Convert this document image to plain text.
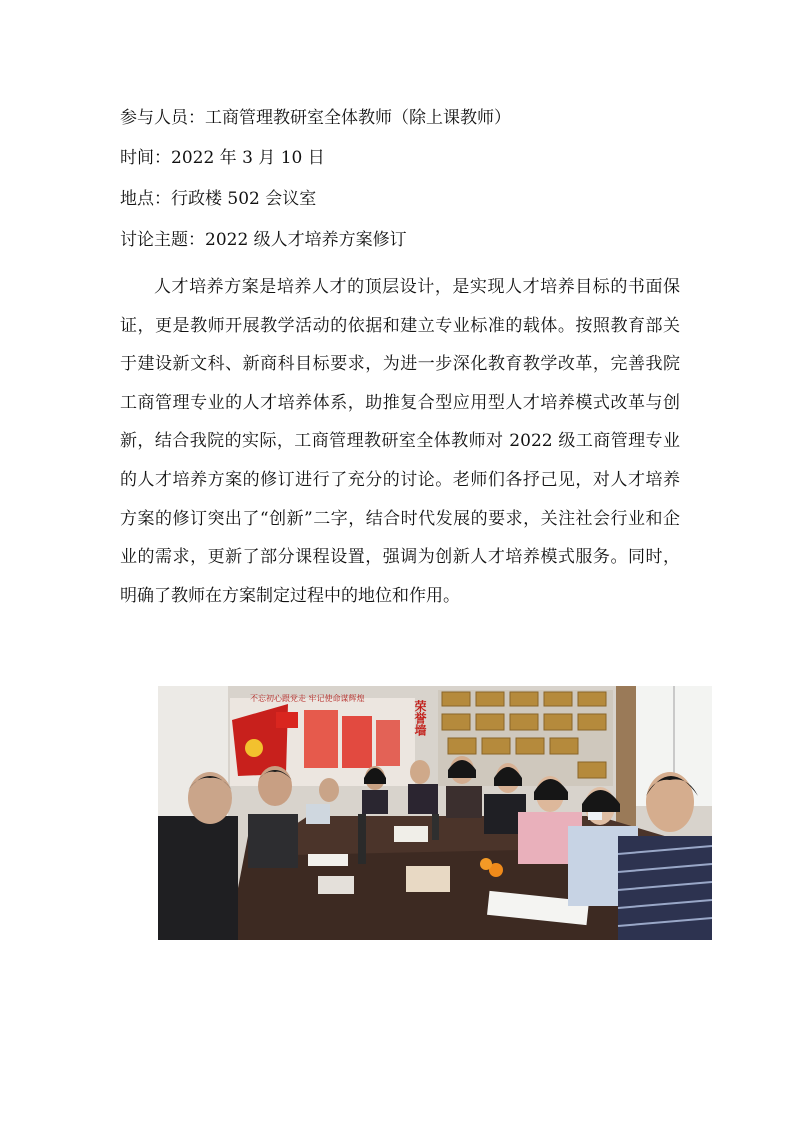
参与人员：工商管理教研室全体教师（除上课教师）
时间：2022 年 3 月 10 日
地点：行政楼 502 会议室
讨论主题：2022 级人才培养方案修订

人才培养方案是培养人才的顶层设计，是实现人才培养目标的书面保证，更是教师开展教学活动的依据和建立专业标准的载体。按照教育部关于建设新文科、新商科目标要求，为进一步深化教育教学改革，完善我院工商管理专业的人才培养体系，助推复合型应用型人才培养模式改革与创新，结合我院的实际，工商管理教研室全体教师对 2022 级工商管理专业的人才培养方案的修订进行了充分的讨论。老师们各抒己见，对人才培养方案的修订突出了“创新”二字，结合时代发展的要求，关注社会行业和企业的需求，更新了部分课程设置，强调为创新人才培养模式服务。同时，明确了教师在方案制定过程中的地位和作用。

不忘初心跟党走 牢记使命谋辉煌
荣誉墙
